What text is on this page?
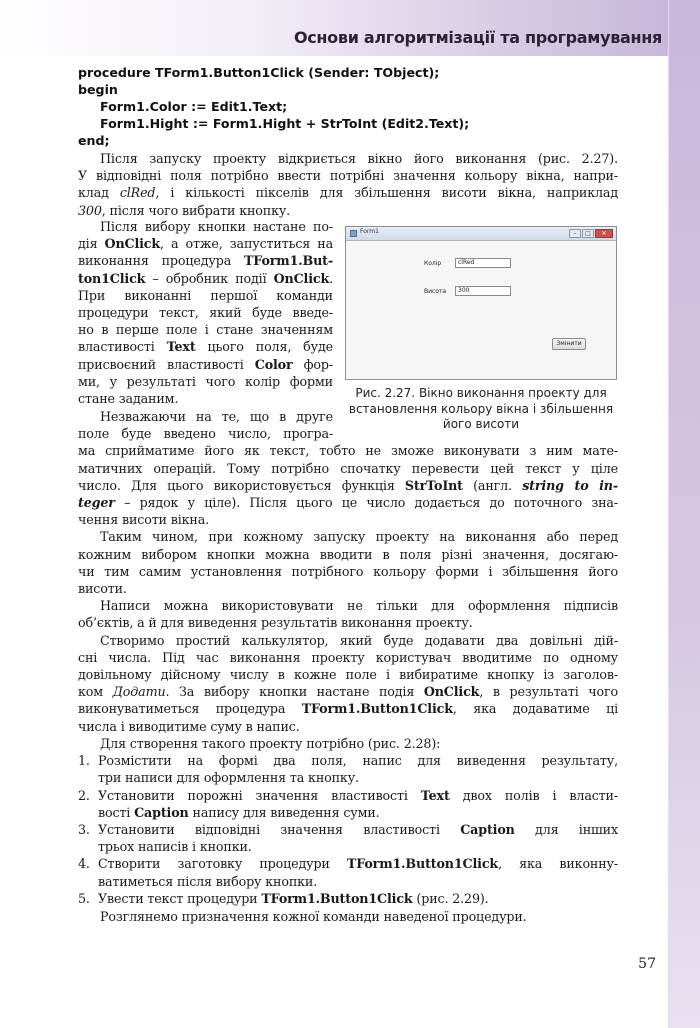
Основи алгоритмізації та програмування
procedure TForm1.Button1Click (Sender: TObject);
begin
Form1.Color := Edit1.Text;
Form1.Hight := Form1.Hight + StrToInt (Edit2.Text);
end;
Після запуску проекту відкриється вікно його виконання (рис. 2.27).
У відповідні поля потрібно ввести потрібні значення кольору вікна, напри-
клад clRed, і кількості пікселів для збільшення висоти вікна, наприклад
300, після чого вибрати кнопку.
Після вибору кнопки настане по-
дія OnClick, а отже, запуститься на
виконання процедура TForm1.But-
ton1Click – обробник події OnClick.
При виконанні першої команди
процедури текст, який буде введе-
но в перше поле і стане значенням
властивості Text цього поля, буде
присвоєний властивості Color фор-
ми, у результаті чого колір форми
стане заданим.
Form1	–	□	✕
Колір	clRed
Висота	300
Змінити
Рис. 2.27. Вікно виконання проекту для
встановлення кольору вікна і збільшення
його висоти
Незважаючи на те, що в друге
поле буде введено число, програ-
ма сприйматиме його як текст, тобто не зможе виконувати з ним мате-
матичних операцій. Тому потрібно спочатку перевести цей текст у ціле
число. Для цього використовується функція StrToInt (англ. string to in-
teger – рядок у ціле). Після цього це число додається до поточного зна-
чення висоти вікна.
Таким чином, при кожному запуску проекту на виконання або перед
кожним вибором кнопки можна вводити в поля різні значення, досягаю-
чи тим самим установлення потрібного кольору форми і збільшення його
висоти.
Написи можна використовувати не тільки для оформлення підписів
об’єктів, а й для виведення результатів виконання проекту.
Створимо простий калькулятор, який буде додавати два довільні дій-
сні числа. Під час виконання проекту користувач вводитиме по одному
довільному дійсному числу в кожне поле і вибиратиме кнопку із заголов-
ком Додати. За вибору кнопки настане подія OnClick, в результаті чого
виконуватиметься процедура TForm1.Button1Click, яка додаватиме ці
числа і виводитиме суму в напис.
Для створення такого проекту потрібно (рис. 2.28):
1. Розмістити на формі два поля, напис для виведення результату,
три написи для оформлення та кнопку.
2. Установити порожні значення властивості Text двох полів і власти-
вості Caption напису для виведення суми.
3. Установити відповідні значення властивості Caption для інших
трьох написів і кнопки.
4. Створити заготовку процедури TForm1.Button1Click, яка виконну-
ватиметься після вибору кнопки.
5. Увести текст процедури TForm1.Button1Click (рис. 2.29).
Розглянемо призначення кожної команди наведеної процедури.
57
